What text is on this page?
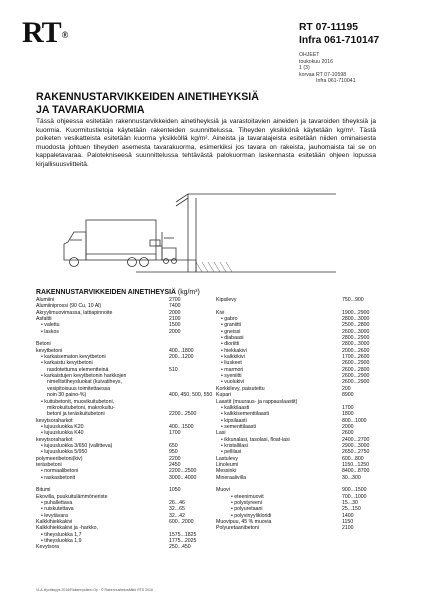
RT®
RT 07-11195
Infra 061-710147
OHJEET
toukokuu 2016
1 (3)
korvaa RT 07-10598
Infra 061-710041
RAKENNUSTARVIKKEIDEN AINETIHEYKSIÄ
JA TAVARAKUORMIA
Tässä ohjeessa esitetään rakennustarvikkeiden ainetiheyksiä ja varastoitavien aineiden ja tavaroiden tiheyksiä ja kuormia. Kuormitustietoja käytetään rakenteiden suunnittelussa. Tiheyden yksikkönä käytetään kg/m³. Tästä poiketen vesikatteista esitetään kuorma yksikköllä kg/m². Aineista ja tavaralajeista esitetään niiden ominaisesta muodosta johtuen tiheyden asemesta tavarakuorma, esimerkiksi jos tavara on rakeista, jauhomaista tai se on kappaletavaraa. Palotekniseesä suunnittelussa tehtävästä palokuorman laskennasta esitetään ohjeen lopussa kirjallisuusviitteitä.
RAKENNUSTARVIKKEIDEN AINETIHEYSIÄ (kg/m³)
Alumiini	2700
Alumiiniprossi (90 Cu, 10 Al)	7400
Akryylimuovimassa, lattiapinnoite	2000
Asfaltti	2100
• valettu	1500
• laskos	2000
Betoni
kevytbetoni	400...1800
• karkaisematon kevytbetoni	200...1200
• karkaistu kevytbetoni
rasdotettuma elementteinä	510
• karkaistujen kevytbetonin harkkojen
nimellistiheysluokat (kuivatiheys,
vesipitoisuus toimitettaessa
noin 30 paino-%)	400, 450, 500, 550
• kuitubetonit, muovikuitubetoni,
mikrokuitubetoni, makrokuitu-
betoni ja teräskuitubetoni	2200...2500
kevytsoraharkot
• lujuusluokka K20	400...1500
• lujuusluokka K40	1700
kevytsoraharkot
• lujuusluokka 3/650 (vallitteva)	650
• lujuusluokka 5/950	950
polymeeribetoni(kiv)	2200
teräsbetoni	2450
• normaalibetoni	2200...2500
• raskasbetonit	3000...4000
Bitumi	1050
Ekovilla, puukuitulämmöneriste
• puhallettava	26...46
• ruiskutettava	32...65
• levytävara	32...42
Kalkkihiekkakivi	600...2000
Kalkkihiekkakivi ja -harkko,
• tiheysluokka 1,7	1575...1825
• tiheysluokka 1,9	1775...2025
Kevytsora	250...450
Kipsilevy	750...900
Kivi	1900...2900
• gabro	2800...3000
• graniitti	2500...2800
• gneissi	2600...3000
• diabaasi	2800...2900
• dioriitti	2800...3000
• hiekkakivi	2000...2600
• kalkkikivi	1700...2600
• liuskeet	2600...2900
• marmori	2600...2800
• syeniitti	2600...2900
• vuolukivi	2600...2900
Korkkilevy, paisutettu	200
Kupari	8900
Laastit (muuraus- ja rappauslaastit)
• kalkkilaasti	1700
• kalkkisementtilaasti	1800
• kipsilaasti	800...1000
• sementtilaasti	2000
Lasi	2600
• ikkunalasi, tasolasi, float-lasi	2400...2700
• kristallilasi	2900...3000
• pellilasi	2650...2750
Lastulevy	600...800
Linoleumi	1150...1250
Messinki	8400...8700
Mineraalivilla	30...300
Muovi	900...1500
• eteenimuovit	700...1000
• polystyreeni	15...30
• polyuretaani	25...150
• polyvinyylikloridi	1400
Muovipuu, 45 % muovia	1150
Polyuretaanibetoni	2100
VLA-Hyväksyys 2016/Rakennystieto Oy · © Rakennustietosäätiö RTS 2016
